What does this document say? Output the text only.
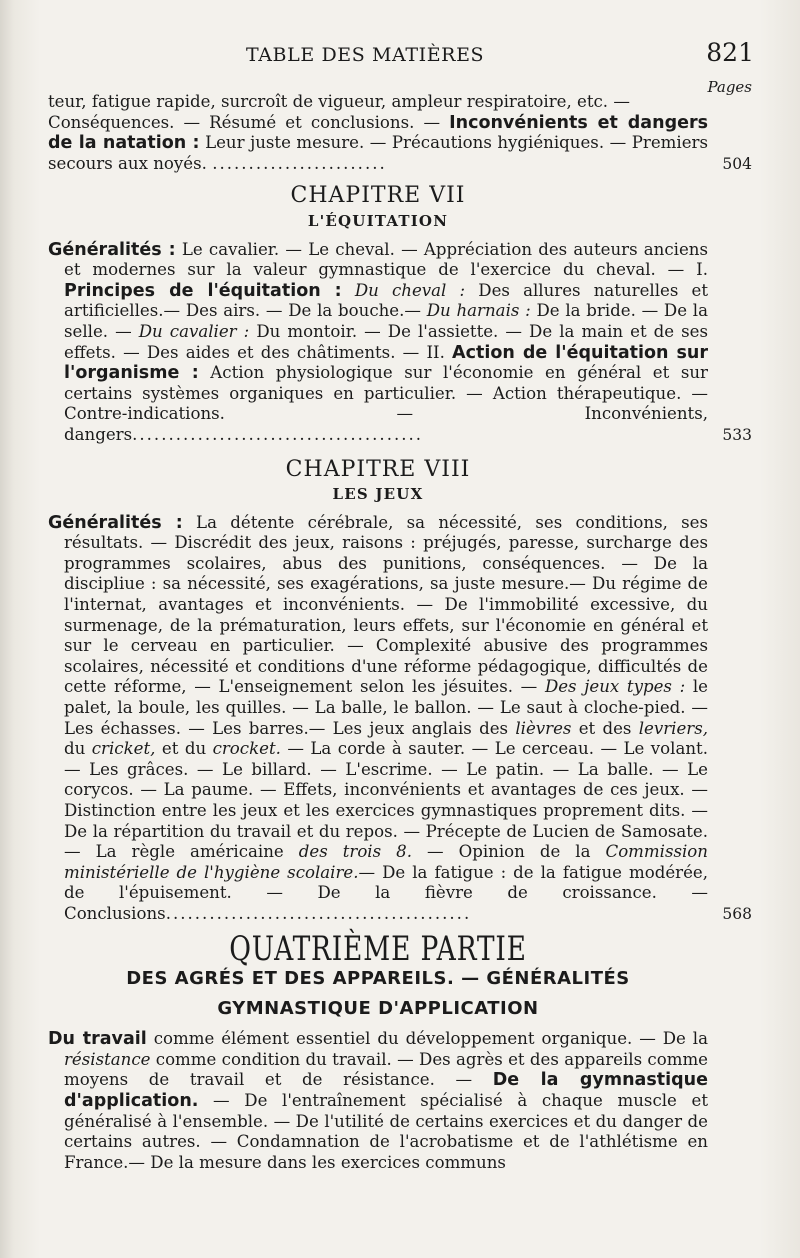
TABLE DES MATIÈRES	821
Pages
teur, fatigue rapide, surcroît de vigueur, ampleur respiratoire, etc. —
Conséquences. — Résumé et conclusions. — Inconvénients et dangers de la natation : Leur juste mesure. — Précautions hygiéniques. — Premiers secours aux noyés. ........................	504
CHAPITRE VII
L'ÉQUITATION
Généralités : Le cavalier. — Le cheval. — Appréciation des auteurs anciens et modernes sur la valeur gymnastique de l'exercice du cheval. — I. Principes de l'équitation : Du cheval : Des allures naturelles et artificielles.— Des airs. — De la bouche.— Du harnais : De la bride. — De la selle. — Du cavalier : Du montoir. — De l'assiette. — De la main et de ses effets. — Des aides et des châtiments. — II. Action de l'équitation sur l'organisme : Action physiologique sur l'économie en général et sur certains systèmes organiques en particulier. — Action thérapeutique. — Contre-indications. — Inconvénients, dangers........................................	533
CHAPITRE VIII
LES JEUX
Généralités : La détente cérébrale, sa nécessité, ses conditions, ses résultats. — Discrédit des jeux, raisons : préjugés, paresse, surcharge des programmes scolaires, abus des punitions, conséquences. — De la discipliue : sa nécessité, ses exagérations, sa juste mesure.— Du régime de l'internat, avantages et inconvénients. — De l'immobilité excessive, du surmenage, de la prématuration, leurs effets, sur l'économie en général et sur le cerveau en particulier. — Complexité abusive des programmes scolaires, nécessité et conditions d'une réforme pédagogique, difficultés de cette réforme, — L'enseignement selon les jésuites. — Des jeux types : le palet, la boule, les quilles. — La balle, le ballon. — Le saut à cloche-pied. — Les échasses. — Les barres.— Les jeux anglais des lièvres et des levriers, du cricket, et du crocket. — La corde à sauter. — Le cerceau. — Le volant. — Les grâces. — Le billard. — L'escrime. — Le patin. — La balle. — Le corycos. — La paume. — Effets, inconvénients et avantages de ces jeux. — Distinction entre les jeux et les exercices gymnastiques proprement dits. — De la répartition du travail et du repos. — Précepte de Lucien de Samosate. — La règle américaine des trois 8. — Opinion de la Commission ministérielle de l'hygiène scolaire.— De la fatigue : de la fatigue modérée, de l'épuisement. — De la fièvre de croissance. — Conclusions..........................................	568
QUATRIÈME PARTIE
DES AGRÉS ET DES APPAREILS. — GÉNÉRALITÉS
GYMNASTIQUE D'APPLICATION
Du travail comme élément essentiel du développement organique. — De la résistance comme condition du travail. — Des agrès et des appareils comme moyens de travail et de résistance. — De la gymnastique d'application. — De l'entraînement spécialisé à chaque muscle et généralisé à l'ensemble. — De l'utilité de certains exercices et du danger de certains autres. — Condamnation de l'acrobatisme et de l'athlétisme en France.— De la mesure dans les exercices communs
